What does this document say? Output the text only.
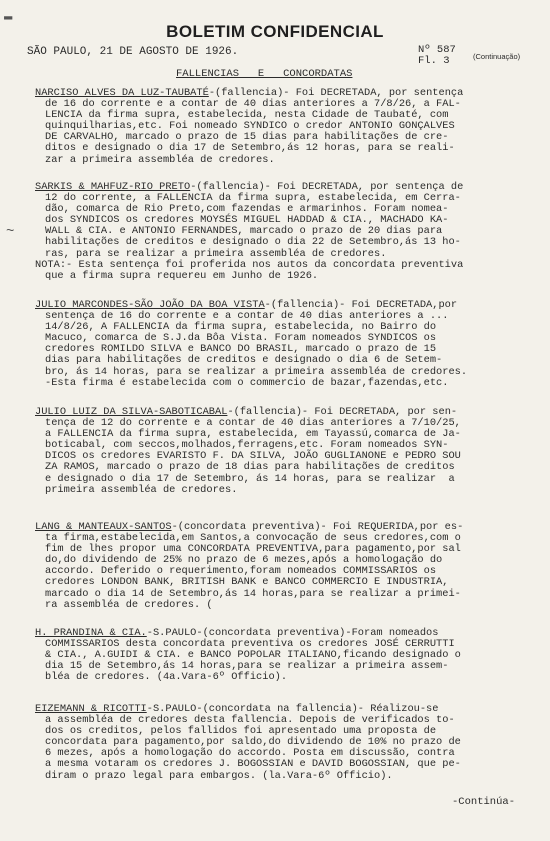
BOLETIM CONFIDENCIAL
SÃO PAULO, 21 DE AGOSTO DE 1926.	Nº 587
Fl. 3	(Continuação)
FALLENCIAS   E   CONCORDATAS
▬
~
NARCISO ALVES DA LUZ-TAUBATÉ-(fallencia)- Foi DECRETADA, por sentença
de 16 do corrente e a contar de 40 dias anteriores a 7/8/26, a FAL-
LENCIA da firma supra, estabelecida, nesta Cidade de Taubaté, com
quinquilharias,etc. Foi nomeado SYNDICO o credor ANTONIO GONÇALVES
DE CARVALHO, marcado o prazo de 15 dias para habilitações de cre-
ditos e designado o dia 17 de Setembro,ás 12 horas, para se reali-
zar a primeira assembléa de credores.
SARKIS & MAHFUZ-RIO PRETO-(fallencia)- Foi DECRETADA, por sentença de
12 do corrente, a FALLENCIA da firma supra, estabelecida, em Cerra-
dão, comarca de Rio Preto,com fazendas e armarinhos. Foram nomea-
dos SYNDICOS os credores MOYSÉS MIGUEL HADDAD & CIA., MACHADO KA-
WALL & CIA. e ANTONIO FERNANDES, marcado o prazo de 20 dias para
habilitações de creditos e designado o dia 22 de Setembro,ás 13 ho-
ras, para se realizar a primeira assembléa de credores.
NOTA:- Esta sentença foi proferida nos autos da concordata preventiva
que a firma supra requereu em Junho de 1926.
JULIO MARCONDES-SÃO JOÃO DA BOA VISTA-(fallencia)- Foi DECRETADA,por
sentença de 16 do corrente e a contar de 40 dias anteriores a ...
14/8/26, A FALLENCIA da firma supra, estabelecida, no Bairro do
Macuco, comarca de S.J.da Bôa Vista. Foram nomeados SYNDICOS os
credores ROMILDO SILVA e BANCO DO BRASIL, marcado o prazo de 15
dias para habilitações de creditos e designado o dia 6 de Setem-
bro, ás 14 horas, para se realizar a primeira assembléa de credores.
-Esta firma é estabelecida com o commercio de bazar,fazendas,etc.
JULIO LUIZ DA SILVA-SABOTICABAL-(fallencia)- Foi DECRETADA, por sen-
tença de 12 do corrente e a contar de 40 dias anteriores a 7/10/25,
a FALLENCIA da firma supra, estabelecida, em Tayassú,comarca de Ja-
boticabal, com seccos,molhados,ferragens,etc. Foram nomeados SYN-
DICOS os credores EVARISTO F. DA SILVA, JOÃO GUGLIANONE e PEDRO SOU
ZA RAMOS, marcado o prazo de 18 dias para habilitações de creditos
e designado o dia 17 de Setembro, ás 14 horas, para se realizar  a
primeira assembléa de credores.
LANG & MANTEAUX-SANTOS-(concordata preventiva)- Foi REQUERIDA,por es-
ta firma,estabelecida,em Santos,a convocação de seus credores,com o
fim de lhes propor uma CONCORDATA PREVENTIVA,para pagamento,por sal
do,do dividendo de 25% no prazo de 6 mezes,após a homologação do
accordo. Deferido o requerimento,foram nomeados COMMISSARIOS os
credores LONDON BANK, BRITISH BANK e BANCO COMMERCIO E INDUSTRIA,
marcado o dia 14 de Setembro,ás 14 horas,para se realizar a primei-
ra assembléa de credores. (
H. PRANDINA & CIA.-S.PAULO-(concordata preventiva)-Foram nomeados
COMMISSARIOS desta concordata preventiva os credores JOSÉ CERRUTTI
& CIA., A.GUIDI & CIA. e BANCO POPOLAR ITALIANO,ficando designado o
dia 15 de Setembro,ás 14 horas,para se realizar a primeira assem-
bléa de credores. (4a.Vara-6º Officio).
EIZEMANN & RICOTTI-S.PAULO-(concordata na fallencia)- Réalizou-se
a assembléa de credores desta fallencia. Depois de verificados to-
dos os creditos, pelos fallidos foi apresentado uma proposta de
concordata para pagamento,por saldo,do dividendo de 10% no prazo de
6 mezes, após a homologação do accordo. Posta em discussão, contra
a mesma votaram os credores J. BOGOSSIAN e DAVID BOGOSSIAN, que pe-
diram o prazo legal para embargos. (la.Vara-6º Officio).
-Continúa-
